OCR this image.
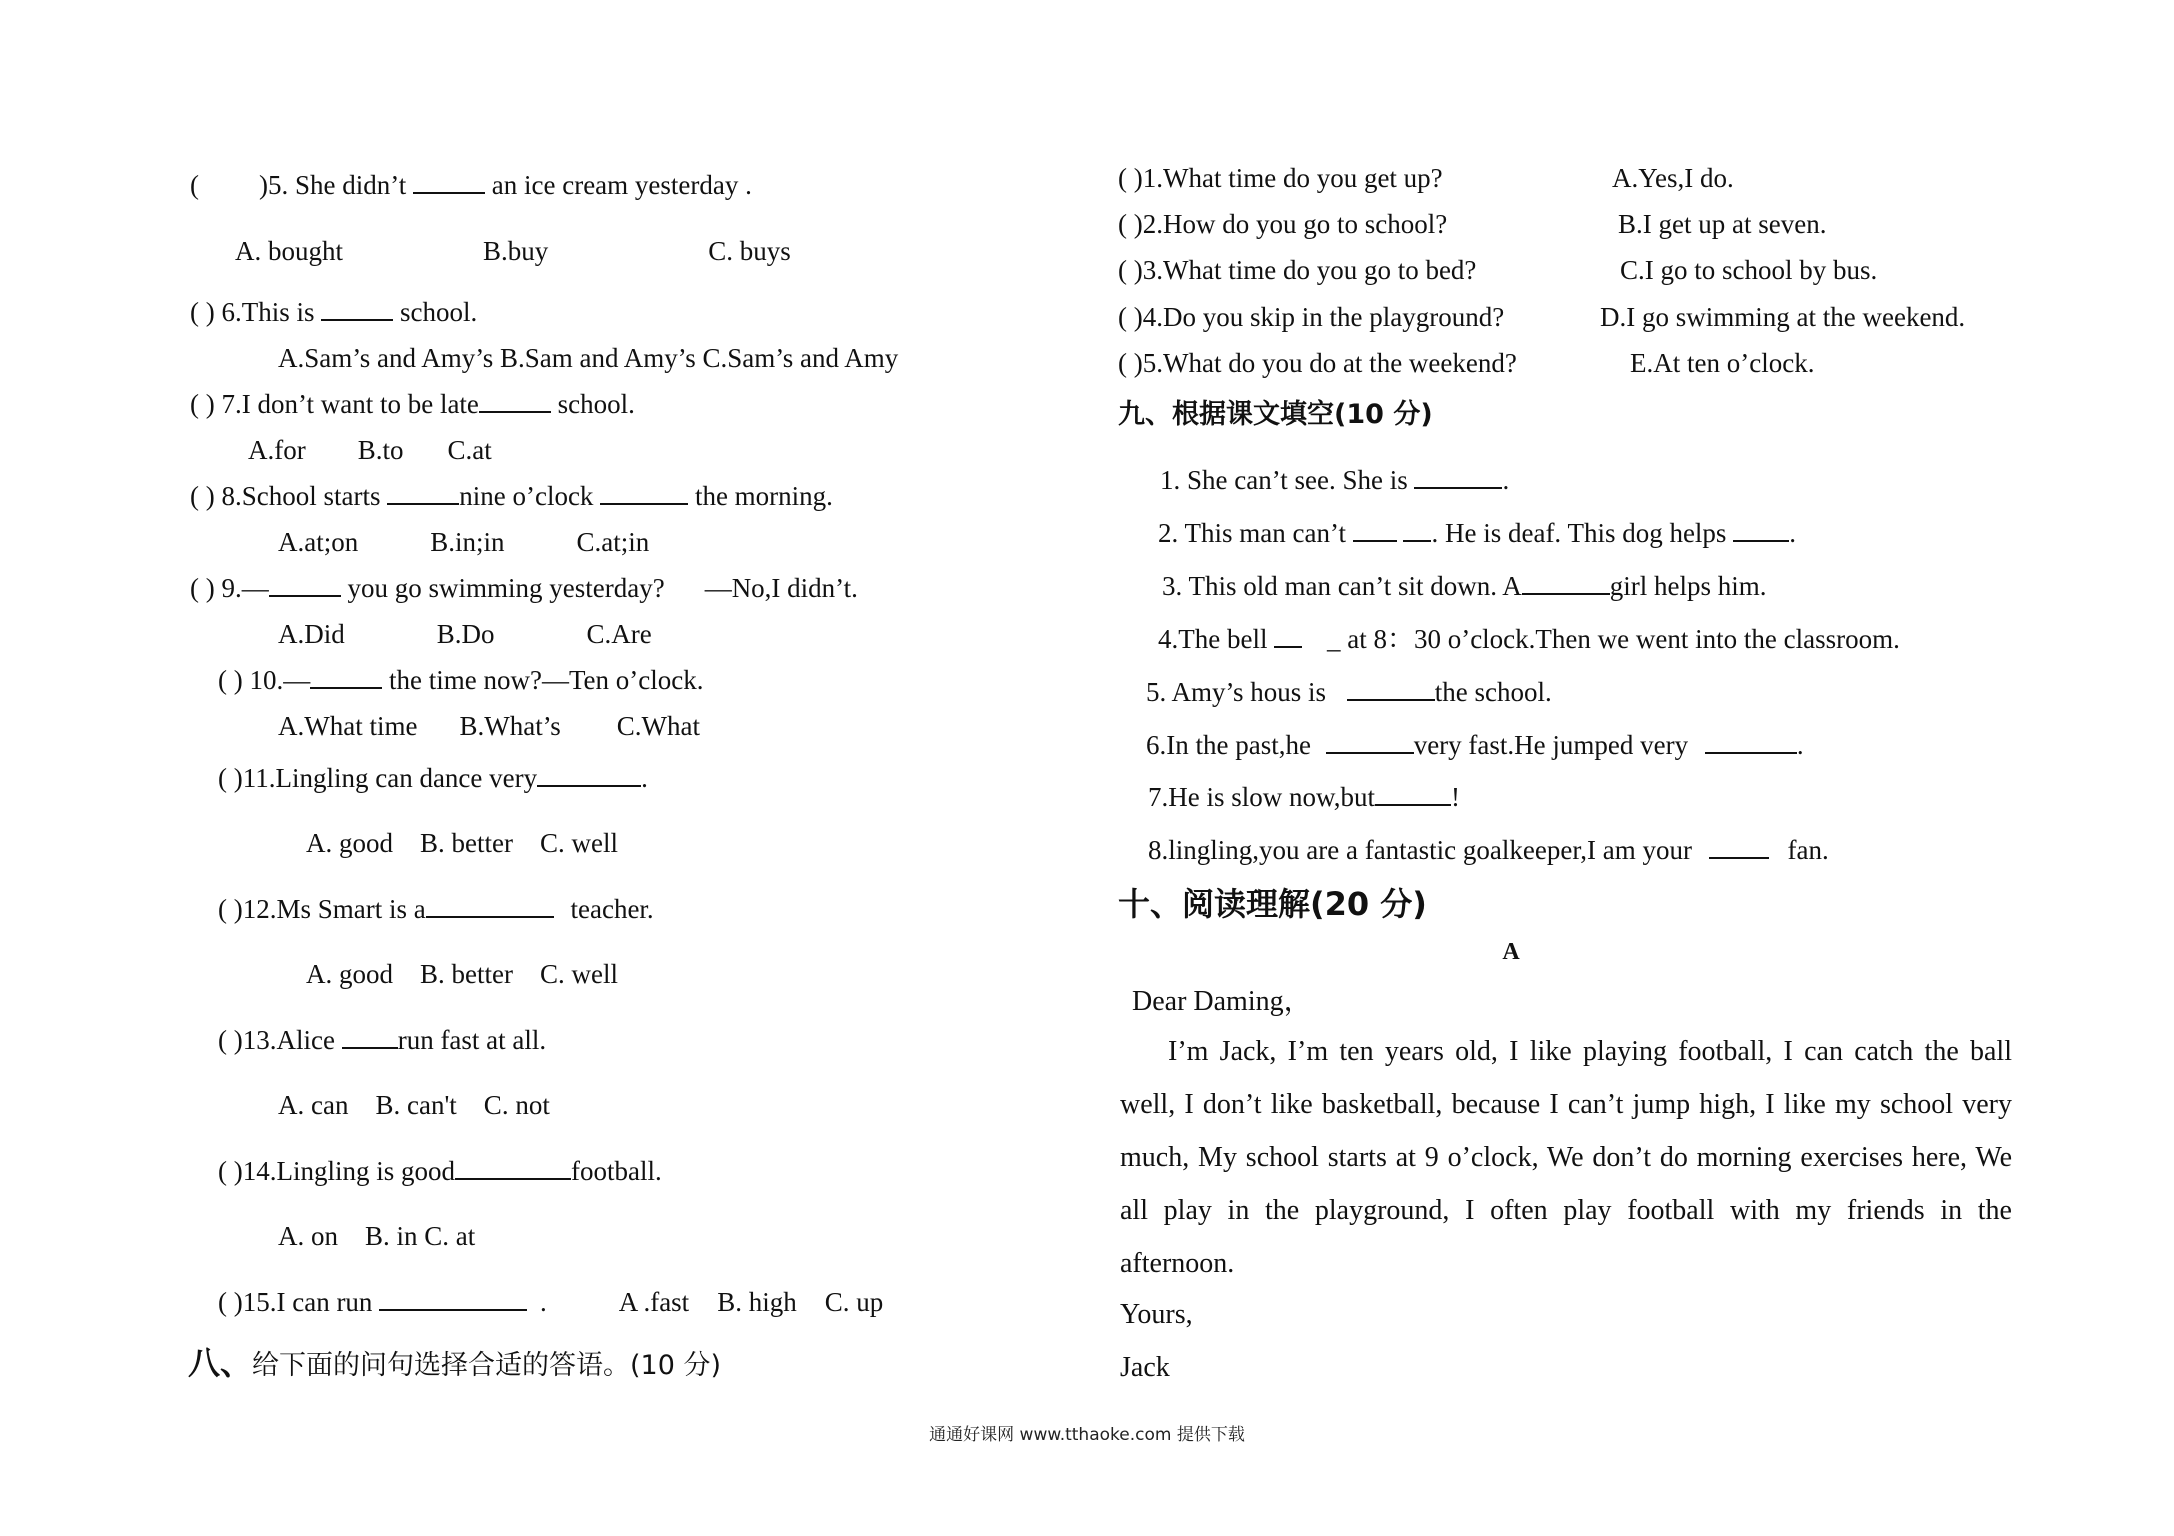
( )5. She didn’t	an ice cream yesterday .
A. bought	B.buy	C. buys
( ) 6.This is	school.
A.Sam’s and Amy’s B.Sam and Amy’s C.Sam’s and Amy
( ) 7.I don’t want to be late	school.
A.for B.to C.at
( ) 8.School starts	nine o’clock	the morning.
A.at;on	B.in;in	C.at;in
( ) 9.—	you go swimming yesterday? —No,I didn’t.
A.Did	B.Do	C.Are
( ) 10.—	the time now?—Ten o’clock.
A.What time B.What’s C.What
( )11.Lingling can dance very	.
A. good    B. better    C. well
( )12.Ms Smart is a	teacher.
A. good    B. better    C. well
( )13.Alice run fast at all.
A. can    B. can't    C. not
( )14.Lingling is good	football.
A. on    B. in C. at
( )15.I can run	.	A .fast B. high C. up
八、给下面的问句选择合适的答语。(10 分)
( )1.What time do you get up?	A.Yes,I do.
( )2.How do you go to school?	B.I get up at seven.
( )3.What time do you go to bed?	C.I go to school by bus.
( )4.Do you skip in the playground?	D.I go swimming at the weekend.
( )5.What do you do at the weekend?	E.At ten o’clock.
九、根据课文填空(10 分)
1. She can’t see. She is	.
2. This man can’t	. He is deaf. This dog helps .
3. This old man can’t sit down. A	girl helps him.
4.The bell _ at 8：30 o’clock.Then we went into the classroom.
5. Amy’s hous is	the school.
6.In the past,he	very fast.He jumped very	.
7.He is slow now,but	!
8.lingling,you are a fantastic goalkeeper,I am your	fan.
十、阅读理解(20 分)
A
Dear Daming，
I’m Jack, I’m ten years old, I like playing football, I can catch the ball well, I don’t like basketball, because I can’t jump high, I like my school very much, My school starts at 9 o’clock, We don’t do morning exercises here, We all play in the playground, I often play football with my friends in the afternoon.
Yours,
Jack
通通好课网 www.tthaoke.com 提供下载
